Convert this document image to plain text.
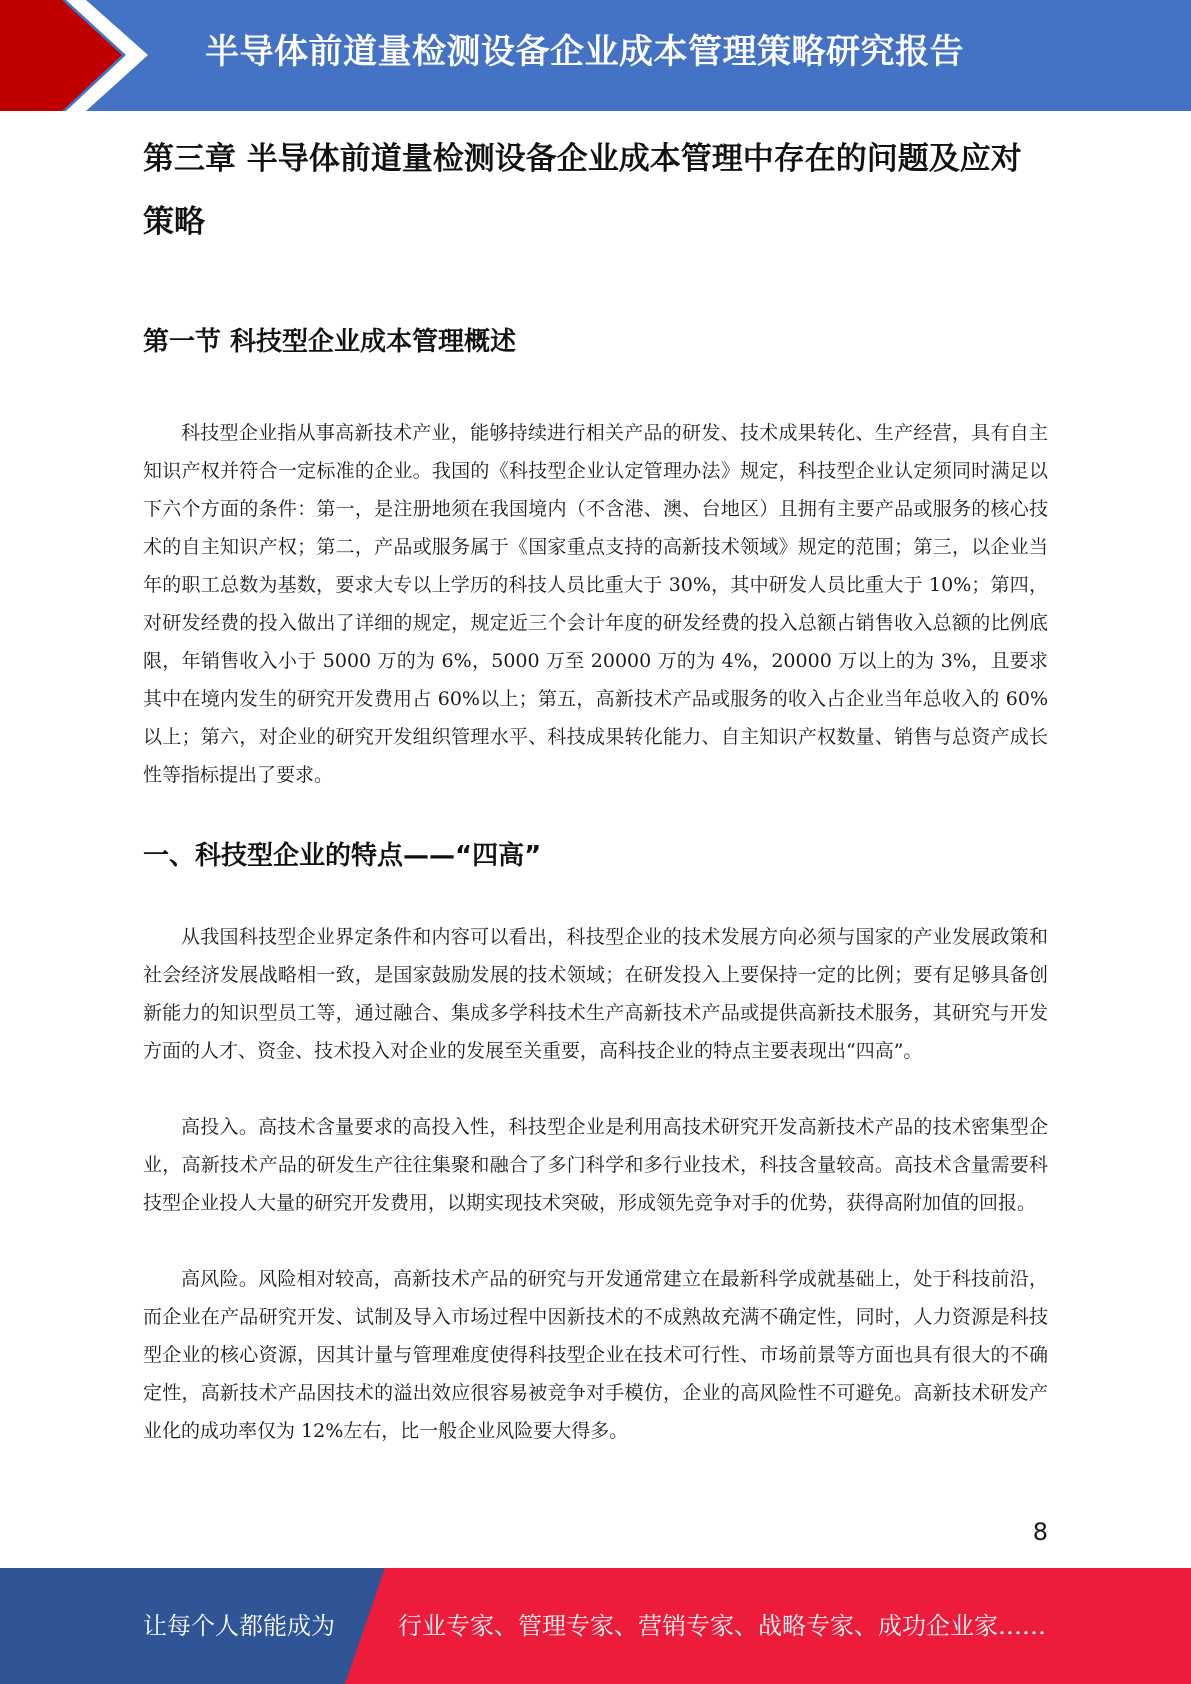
半导体前道量检测设备企业成本管理策略研究报告
第三章 半导体前道量检测设备企业成本管理中存在的问题及应对策略
第一节 科技型企业成本管理概述

科技型企业指从事高新技术产业，能够持续进行相关产品的研发、技术成果转化、生产经营，具有自主知识产权并符合一定标准的企业。我国的《科技型企业认定管理办法》规定，科技型企业认定须同时满足以下六个方面的条件：第一，是注册地须在我国境内（不含港、澳、台地区）且拥有主要产品或服务的核心技术的自主知识产权；第二，产品或服务属于《国家重点支持的高新技术领域》规定的范围；第三，以企业当年的职工总数为基数，要求大专以上学历的科技人员比重大于 30%，其中研发人员比重大于 10%；第四，对研发经费的投入做出了详细的规定，规定近三个会计年度的研发经费的投入总额占销售收入总额的比例底限，年销售收入小于 5000 万的为 6%，5000 万至 20000 万的为 4%，20000 万以上的为 3%，且要求其中在境内发生的研究开发费用占 60%以上；第五，高新技术产品或服务的收入占企业当年总收入的 60%以上；第六，对企业的研究开发组织管理水平、科技成果转化能力、自主知识产权数量、销售与总资产成长性等指标提出了要求。

一、科技型企业的特点——“四高”

从我国科技型企业界定条件和内容可以看出，科技型企业的技术发展方向必须与国家的产业发展政策和社会经济发展战略相一致，是国家鼓励发展的技术领域；在研发投入上要保持一定的比例；要有足够具备创新能力的知识型员工等，通过融合、集成多学科技术生产高新技术产品或提供高新技术服务，其研究与开发方面的人才、资金、技术投入对企业的发展至关重要，高科技企业的特点主要表现出“四高”。

高投入。高技术含量要求的高投入性，科技型企业是利用高技术研究开发高新技术产品的技术密集型企业，高新技术产品的研发生产往往集聚和融合了多门科学和多行业技术，科技含量较高。高技术含量需要科技型企业投人大量的研究开发费用，以期实现技术突破，形成领先竞争对手的优势，获得高附加值的回报。

高风险。风险相对较高，高新技术产品的研究与开发通常建立在最新科学成就基础上，处于科技前沿，而企业在产品研究开发、试制及导入市场过程中因新技术的不成熟故充满不确定性，同时，人力资源是科技型企业的核心资源，因其计量与管理难度使得科技型企业在技术可行性、市场前景等方面也具有很大的不确定性，高新技术产品因技术的溢出效应很容易被竞争对手模仿，企业的高风险性不可避免。高新技术研发产业化的成功率仅为 12%左右，比一般企业风险要大得多。

8
让每个人都能成为	行业专家、管理专家、营销专家、战略专家、成功企业家……
